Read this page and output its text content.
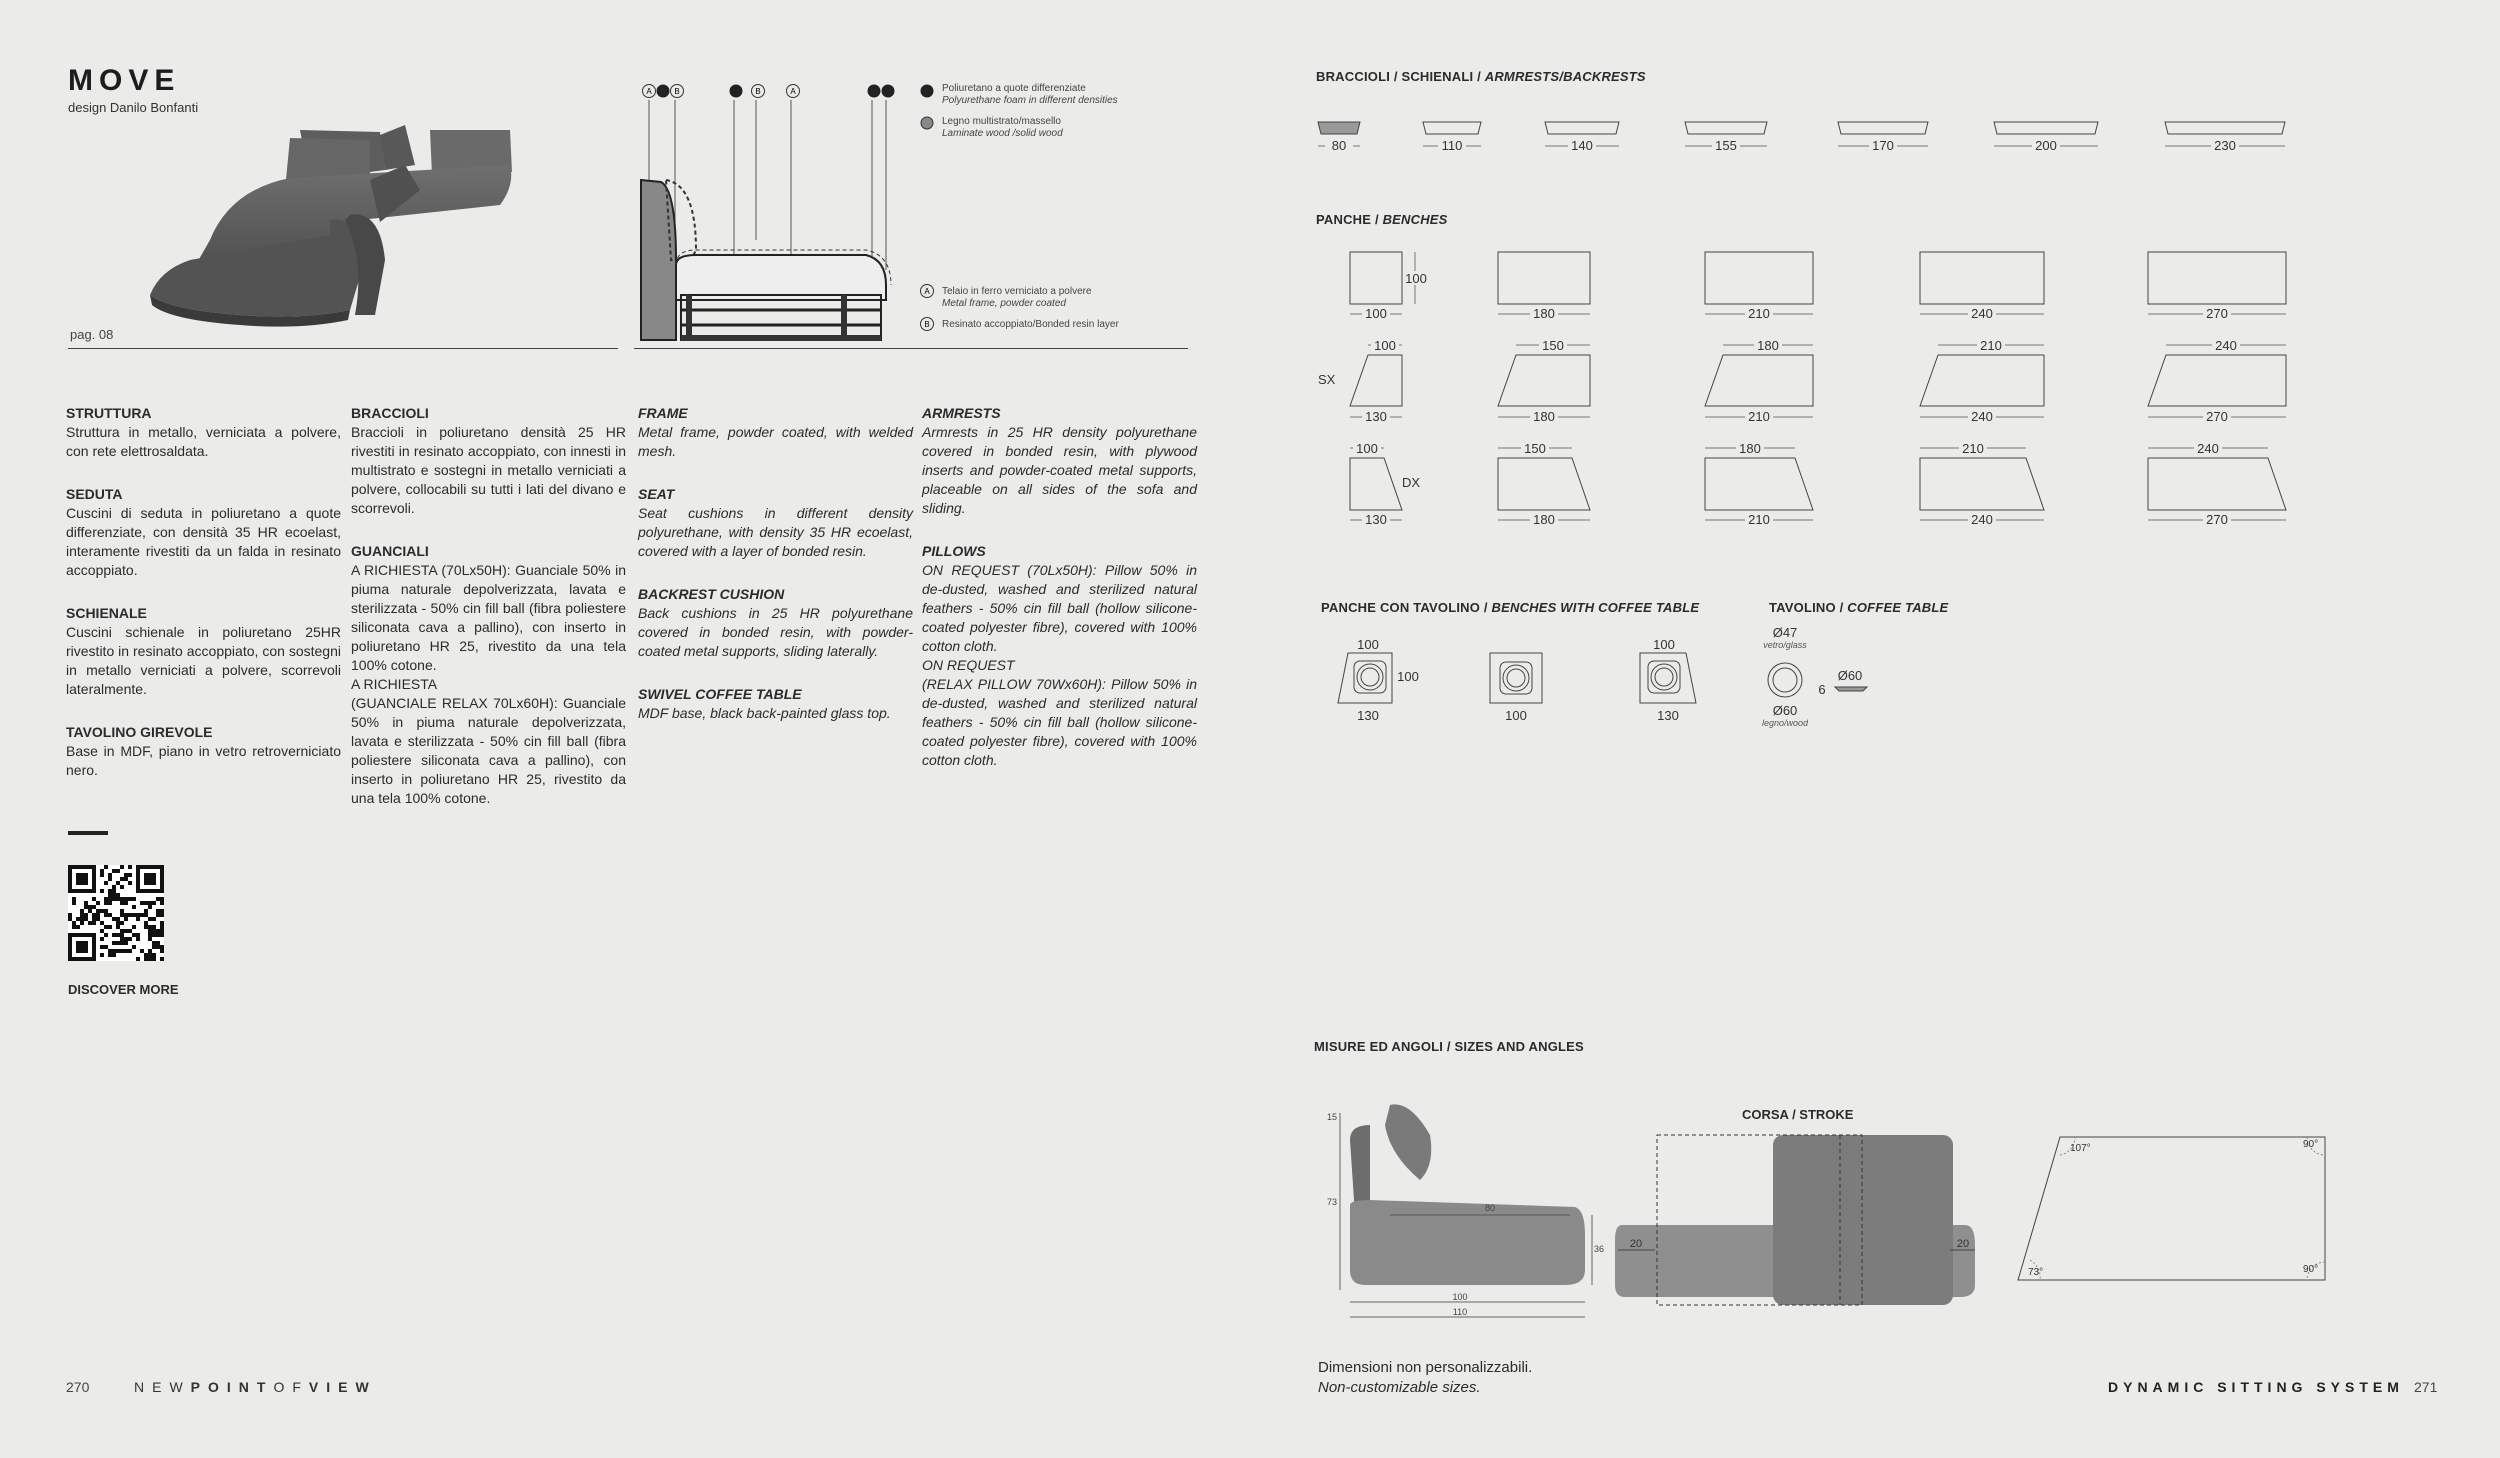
MOVE
design Danilo Bonfanti
pag. 08
A	B	B	A	Poliuretano a quote differenziate
Polyurethane foam in different densities
Legno multistrato/massello
Laminate wood /solid wood
A Telaio in ferro verniciato a polvere
Metal frame, powder coated
B Resinato accoppiato/Bonded resin layer
STRUTTURA
Struttura in metallo, verniciata a polvere, con rete elettrosaldata.
SEDUTA
Cuscini di seduta in poliuretano a quote differenziate, con densità 35 HR ecoelast, interamente rivestiti da un falda in resinato accoppiato.
SCHIENALE
Cuscini schienale in poliuretano 25HR rivestito in resinato accoppiato, con sostegni in metallo verniciati a polvere, scorrevoli lateralmente.
TAVOLINO GIREVOLE
Base in MDF, piano in vetro retroverniciato nero.
BRACCIOLI
Braccioli in poliuretano densità 25 HR rivestiti in resinato accoppiato, con innesti in multistrato e sostegni in metallo verniciati a polvere, collocabili su tutti i lati del divano e scorrevoli.
GUANCIALI
A RICHIESTA (70Lx50H): Guanciale 50% in piuma naturale depolverizzata, lavata e sterilizzata - 50% cin fill ball (fibra poliestere siliconata cava a pallino), con inserto in poliuretano HR 25, rivestito da una tela 100% cotone.
A RICHIESTA
(GUANCIALE RELAX 70Lx60H): Guanciale 50% in piuma naturale depolverizzata, lavata e sterilizzata - 50% cin fill ball (fibra poliestere siliconata cava a pallino), con inserto in poliuretano HR 25, rivestito da una tela 100% cotone.
FRAME
Metal frame, powder coated, with welded mesh.
SEAT
Seat cushions in different density polyurethane, with density 35 HR ecoelast, covered with a layer of bonded resin.
BACKREST CUSHION
Back cushions in 25 HR polyurethane covered in bonded resin, with powder-coated metal supports, sliding laterally.
SWIVEL COFFEE TABLE
MDF base, black back-painted glass top.
ARMRESTS
Armrests in 25 HR density polyurethane covered in bonded resin, with plywood inserts and powder-coated metal supports, placeable on all sides of the sofa and sliding.
PILLOWS
ON REQUEST (70Lx50H): Pillow 50% in de-dusted, washed and sterilized natural feathers - 50% cin fill ball (hollow silicone-coated polyester fibre), covered with 100% cotton cloth.
ON REQUEST
(RELAX PILLOW 70Wx60H): Pillow 50% in de-dusted, washed and sterilized natural feathers - 50% cin fill ball (hollow silicone-coated polyester fibre), covered with 100% cotton cloth.
DISCOVER MORE
270	NEWPOINTOFVIEW
BRACCIOLI / SCHIENALI / ARMRESTS/BACKRESTS
80	110	140	155	170	200	230
PANCHE / BENCHES
100	180	210	240	270
100
SX
100
130
150
180
180
210
210
240
240
270
DX
100
130
150
180
180
210
210
240
240
270
PANCHE CON TAVOLINO / BENCHES WITH COFFEE TABLE	TAVOLINO / COFFEE TABLE
100
130
100
100
100
130
Ø47
vetro/glass
Ø60
legno/wood
Ø60
6
MISURE ED ANGOLI / SIZES AND ANGLES
15
73
80
36
100
110
CORSA / STROKE
20	20
107°	90°
73°	90°
Dimensioni non personalizzabili.
Non-customizable sizes.	DYNAMIC SITTING SYSTEM 271
